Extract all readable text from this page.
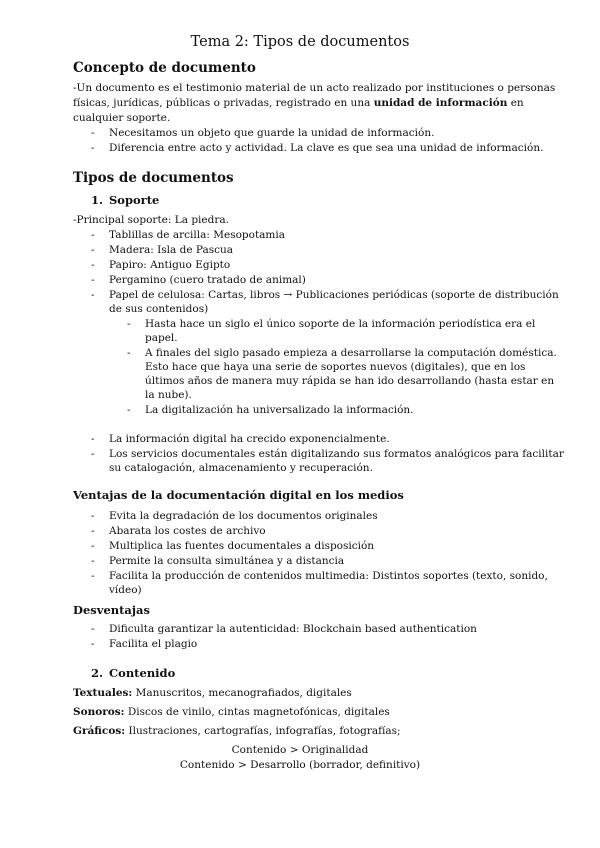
Tema 2: Tipos de documentos
Concepto de documento
-Un documento es el testimonio material de un acto realizado por instituciones o personas
físicas, jurídicas, públicas o privadas, registrado en una unidad de información en
cualquier soporte.
- Necesitamos un objeto que guarde la unidad de información.
- Diferencia entre acto y actividad. La clave es que sea una unidad de información.
Tipos de documentos
1. Soporte
-Principal soporte: La piedra.
- Tablillas de arcilla: Mesopotamia
- Madera: Isla de Pascua
- Papiro: Antiguo Egipto
- Pergamino (cuero tratado de animal)
- Papel de celulosa: Cartas, libros → Publicaciones periódicas (soporte de distribución
de sus contenidos)
- Hasta hace un siglo el único soporte de la información periodística era el
papel.
- A finales del siglo pasado empieza a desarrollarse la computación doméstica.
Esto hace que haya una serie de soportes nuevos (digitales), que en los
últimos años de manera muy rápida se han ido desarrollando (hasta estar en
la nube).
- La digitalización ha universalizado la información.
- La información digital ha crecido exponencialmente.
- Los servicios documentales están digitalizando sus formatos analógicos para facilitar
su catalogación, almacenamiento y recuperación.
Ventajas de la documentación digital en los medios
- Evita la degradación de los documentos originales
- Abarata los costes de archivo
- Multiplica las fuentes documentales a disposición
- Permite la consulta simultánea y a distancia
- Facilita la producción de contenidos multimedia: Distintos soportes (texto, sonido,
vídeo)
Desventajas
- Dificulta garantizar la autenticidad: Blockchain based authentication
- Facilita el plagio
2. Contenido
Textuales: Manuscritos, mecanografiados, digitales
Sonoros: Discos de vinilo, cintas magnetofónicas, digitales
Gráficos: Ilustraciones, cartografías, infografías, fotografías;
Contenido > Originalidad
Contenido > Desarrollo (borrador, definitivo)
